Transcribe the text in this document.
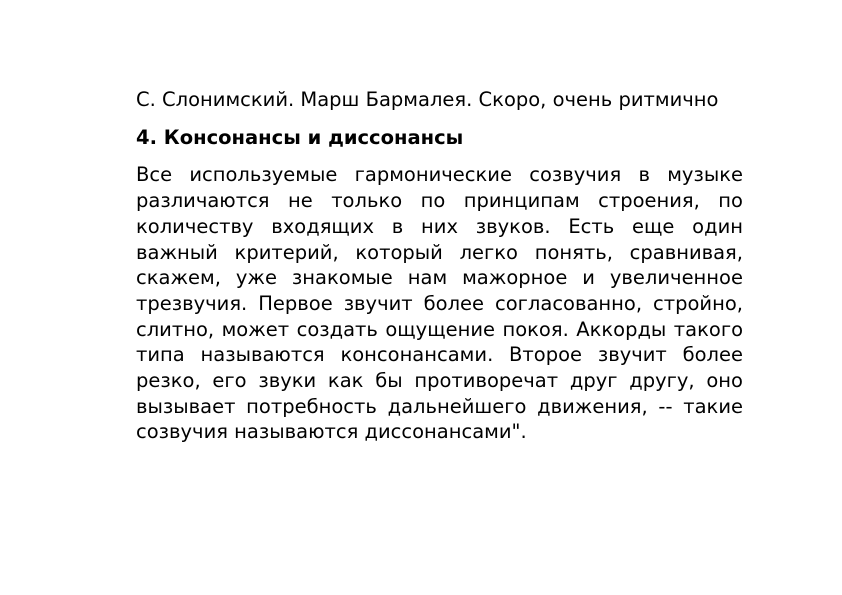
С. Слонимский. Марш Бармалея. Скоро, очень ритмично

4. Консонансы и диссонансы

Все используемые гармонические созвучия в музыке различаются не только по принципам строения, по количеству входящих в них звуков. Есть еще один важный критерий, который легко понять, сравнивая, скажем, уже знакомые нам мажорное и увеличенное трезвучия. Первое звучит более согласованно, стройно, слитно, может создать ощущение покоя. Аккорды такого типа называются консонансами. Второе звучит более резко, его звуки как бы противоречат друг другу, оно вызывает потребность дальнейшего движения, -- такие созвучия называются диссонансами".
